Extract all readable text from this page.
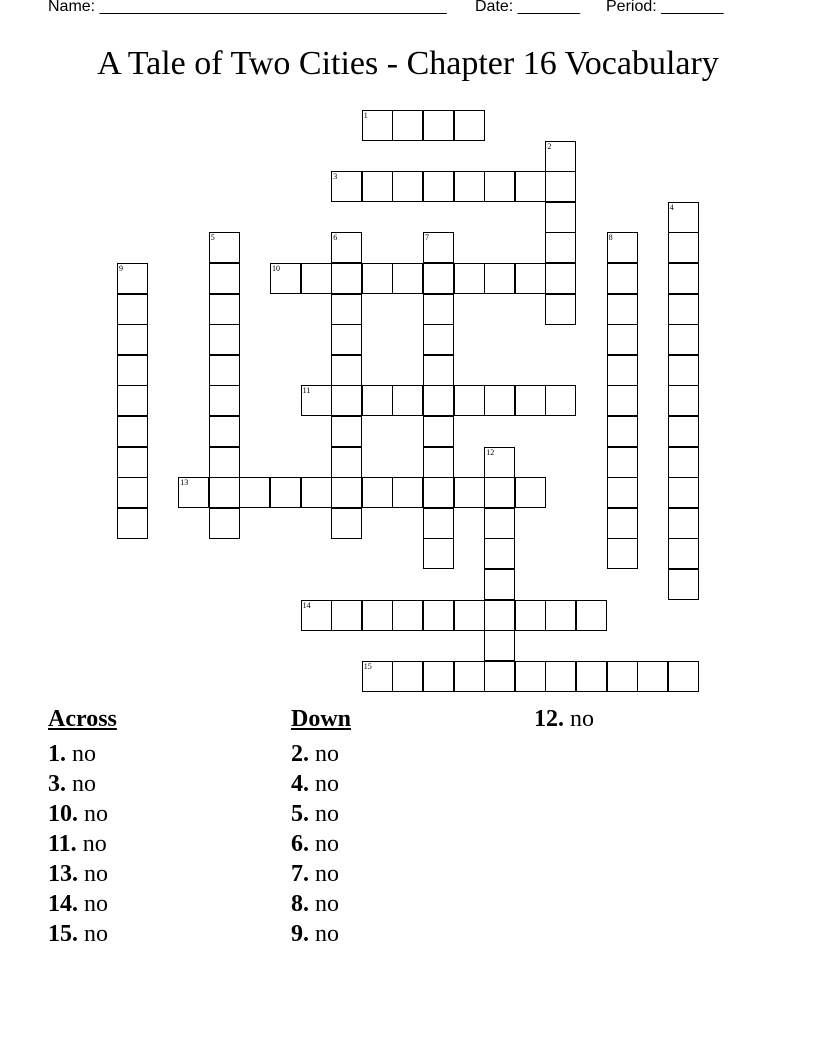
Name: _______________________________________ Date: _______ Period: _______
A Tale of Two Cities - Chapter 16 Vocabulary
1
2
3
4
5	6	7	8
9	10
11
12
13
14
15
Across
1. no
3. no
10. no
11. no
13. no
14. no
15. no
Down
2. no
4. no
5. no
6. no
7. no
8. no
9. no
12. no
